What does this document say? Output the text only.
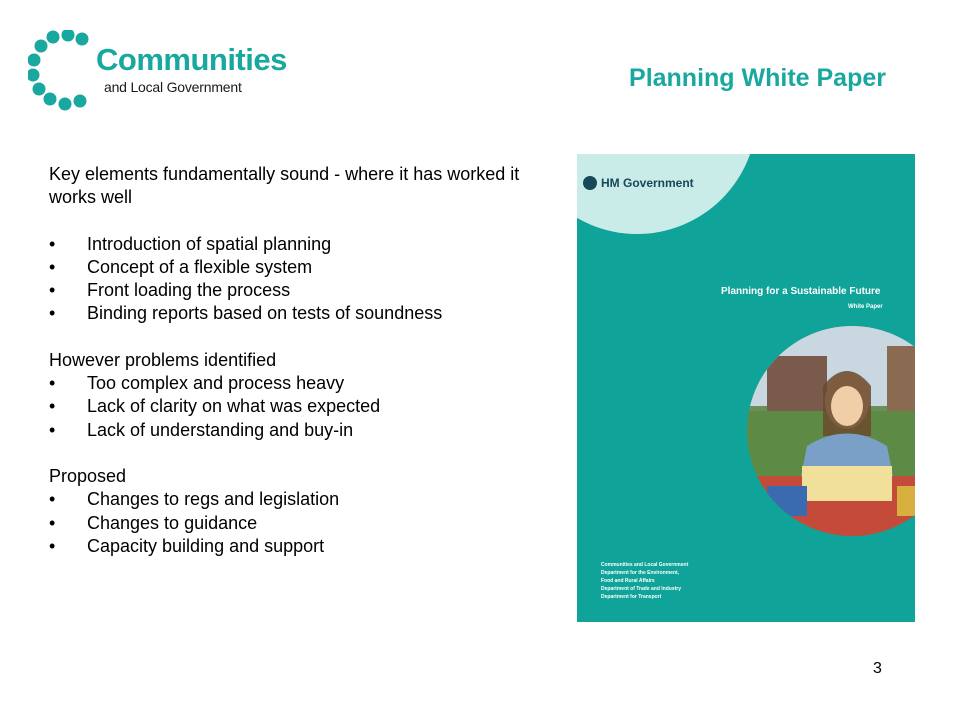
Communities
and Local Government	Planning White Paper

Key elements fundamentally sound - where it has worked it works well

• Introduction of spatial planning
• Concept of a flexible system
• Front loading the process
• Binding reports based on tests of soundness

However problems identified

• Too complex and process heavy
• Lack of clarity on what was expected
• Lack of understanding and buy-in

Proposed

• Changes to regs and legislation
• Changes to guidance
• Capacity building and support
HM Government
Planning for a Sustainable Future
White Paper
Communities and Local Government
Department for the Environment,
Food and Rural Affairs
Department of Trade and Industry
Department for Transport
3
